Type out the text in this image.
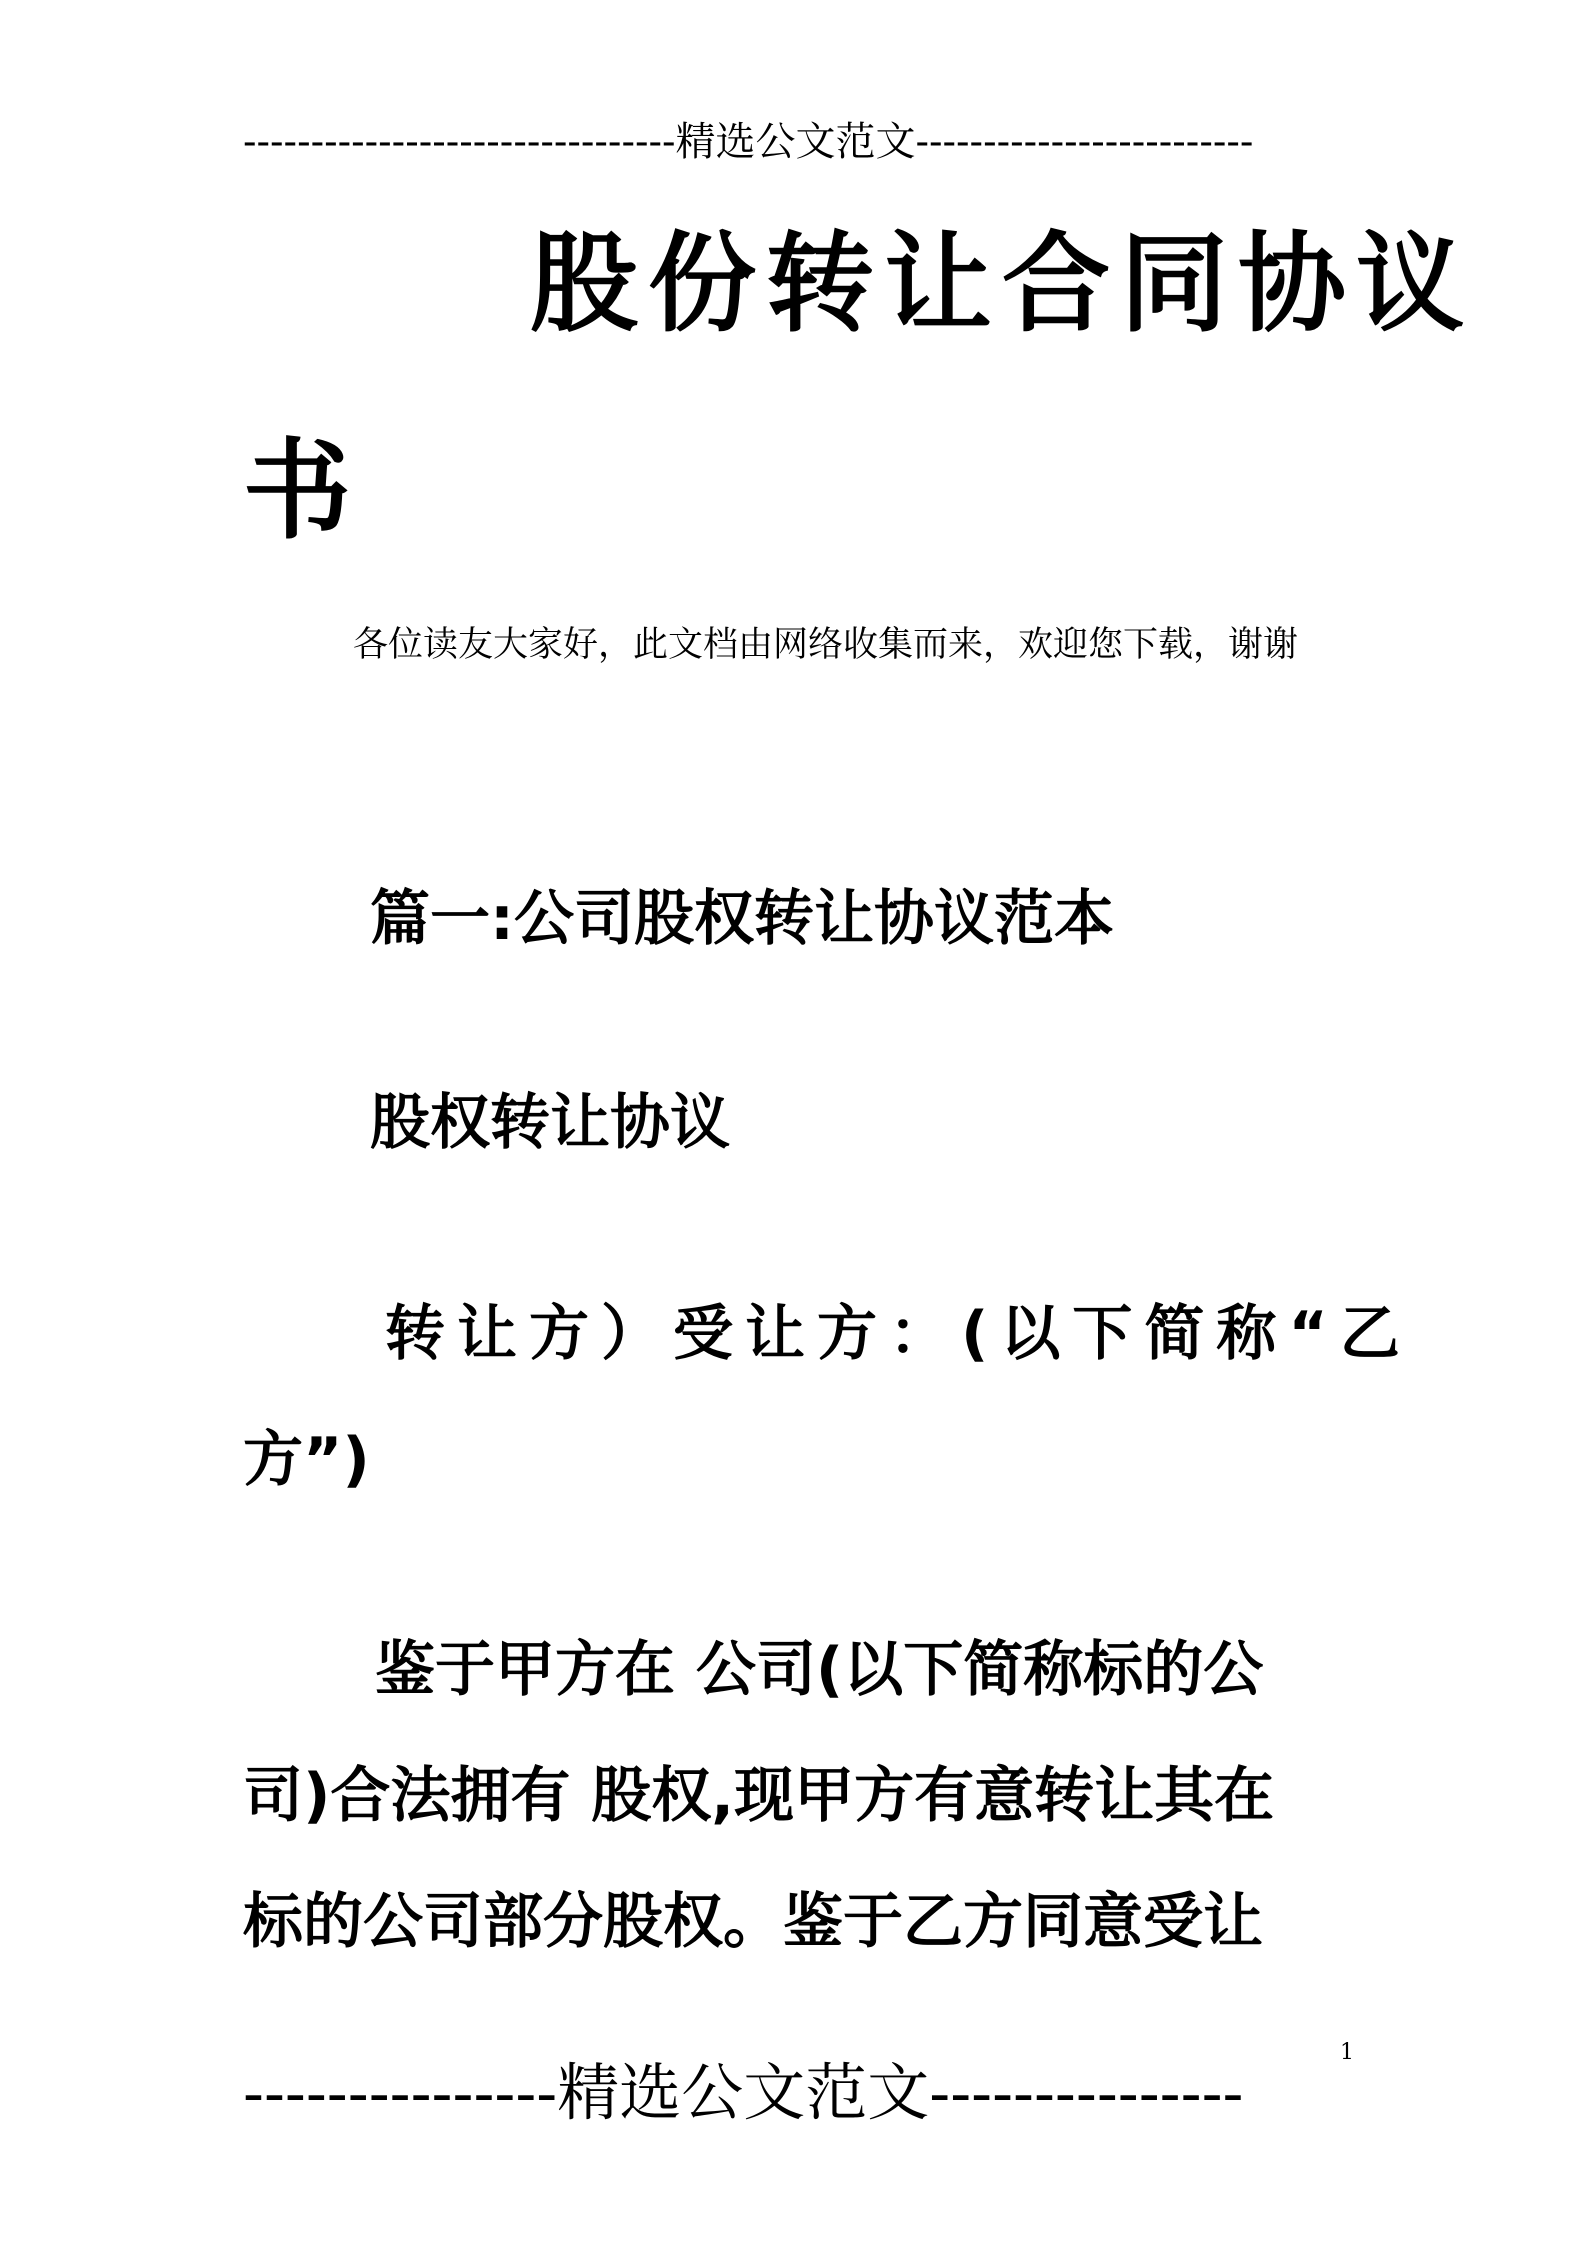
--------------------------------精选公文范文-------------------------
股份转让合同协议
书
各位读友大家好，此文档由网络收集而来，欢迎您下载，谢谢
篇一:公司股权转让协议范本
股权转让协议
转让方）受让方：(以下简称“乙
方”)
鉴于甲方在 公司(以下简称标的公
司)合法拥有 股权,现甲方有意转让其在
标的公司部分股权。鉴于乙方同意受让
1
---------------精选公文范文---------------
